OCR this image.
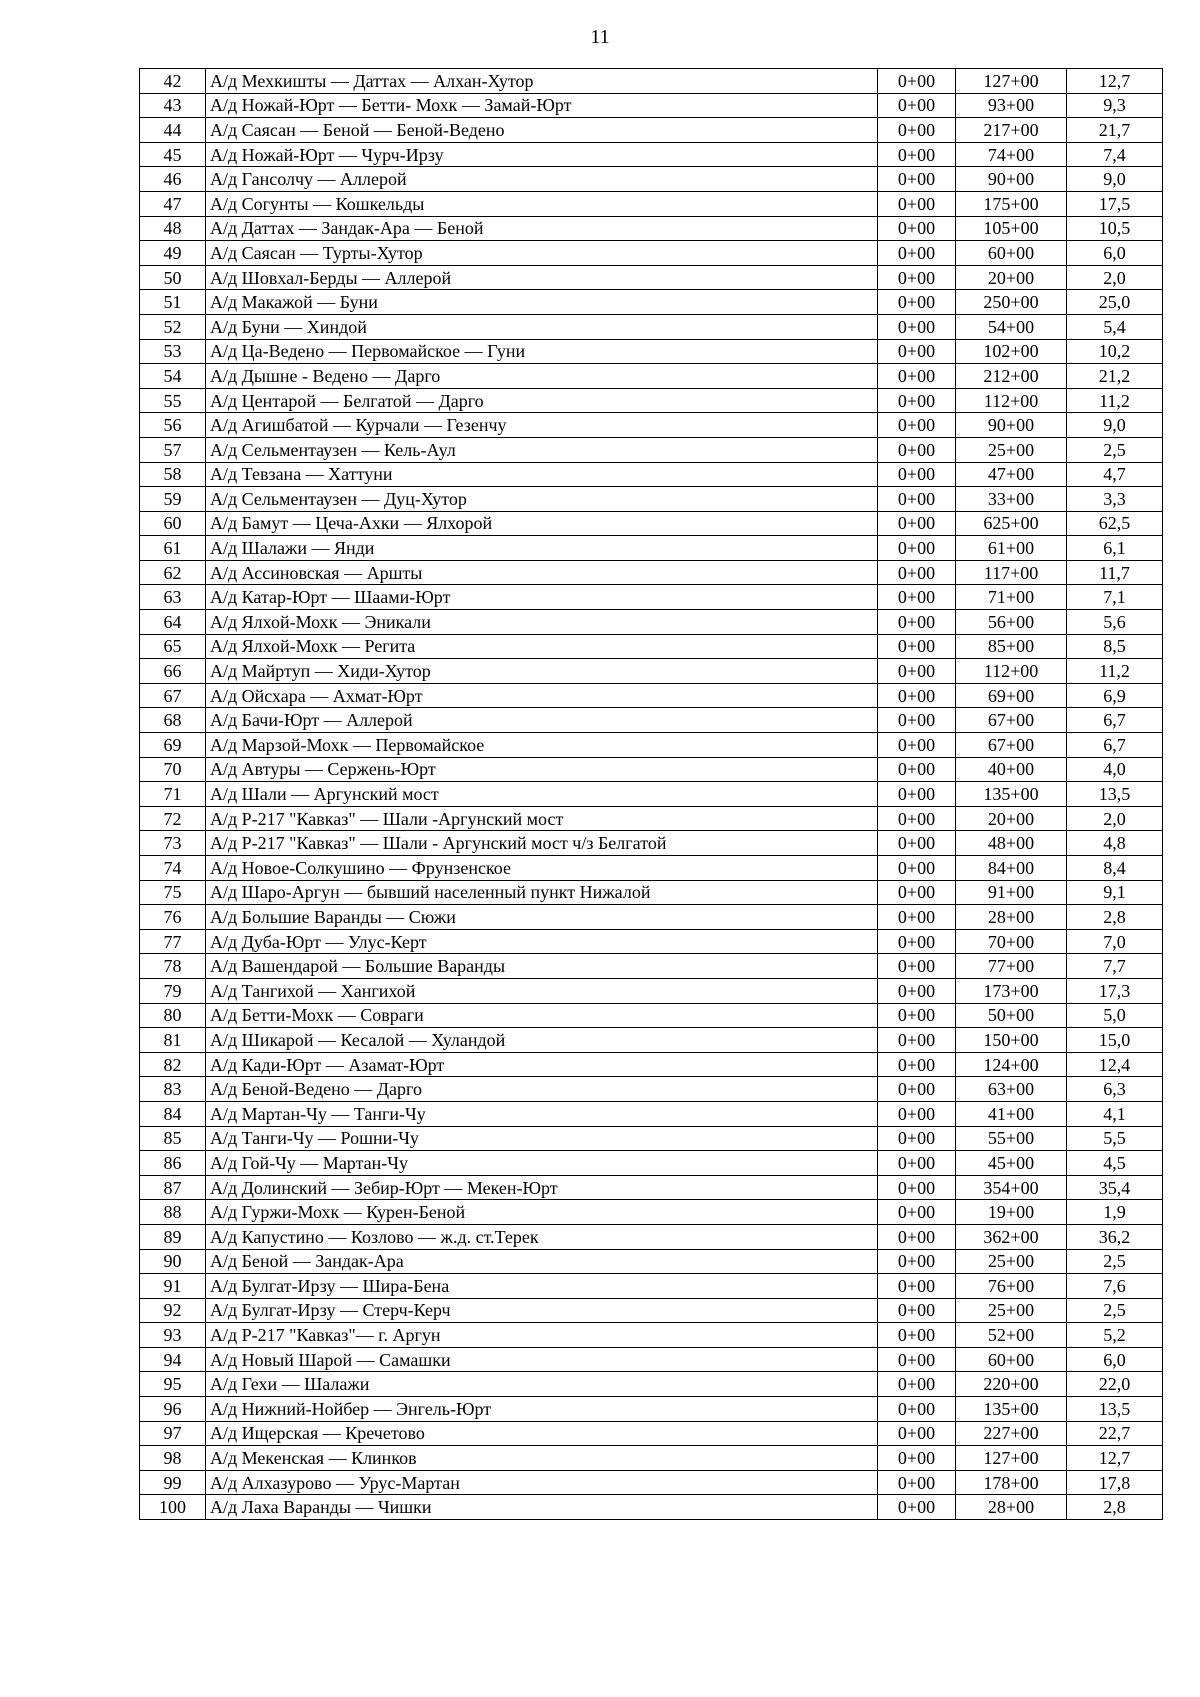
11
42	А/д Мехкишты — Даттах — Алхан-Хутор	0+00	127+00	12,7
43	А/д Ножай-Юрт — Бетти- Мохк — Замай-Юрт	0+00	93+00	9,3
44	А/д Саясан — Беной — Беной-Ведено	0+00	217+00	21,7
45	А/д Ножай-Юрт — Чурч-Ирзу	0+00	74+00	7,4
46	А/д Гансолчу — Аллерой	0+00	90+00	9,0
47	А/д Согунты — Кошкельды	0+00	175+00	17,5
48	А/д Даттах — Зандак-Ара — Беной	0+00	105+00	10,5
49	А/д Саясан — Турты-Хутор	0+00	60+00	6,0
50	А/д Шовхал-Берды — Аллерой	0+00	20+00	2,0
51	А/д Макажой — Буни	0+00	250+00	25,0
52	А/д Буни — Хиндой	0+00	54+00	5,4
53	А/д Ца-Ведено — Первомайское — Гуни	0+00	102+00	10,2
54	А/д Дышне - Ведено — Дарго	0+00	212+00	21,2
55	А/д Центарой — Белгатой — Дарго	0+00	112+00	11,2
56	А/д Агишбатой — Курчали — Гезенчу	0+00	90+00	9,0
57	А/д Сельментаузен — Кель-Аул	0+00	25+00	2,5
58	А/д Тевзана — Хаттуни	0+00	47+00	4,7
59	А/д Сельментаузен — Дуц-Хутор	0+00	33+00	3,3
60	А/д Бамут — Цеча-Ахки — Ялхорой	0+00	625+00	62,5
61	А/д Шалажи — Янди	0+00	61+00	6,1
62	А/д Ассиновская — Аршты	0+00	117+00	11,7
63	А/д Катар-Юрт — Шаами-Юрт	0+00	71+00	7,1
64	А/д Ялхой-Мохк — Эникали	0+00	56+00	5,6
65	А/д Ялхой-Мохк — Регита	0+00	85+00	8,5
66	А/д Майртуп — Хиди-Хутор	0+00	112+00	11,2
67	А/д Ойсхара — Ахмат-Юрт	0+00	69+00	6,9
68	А/д Бачи-Юрт — Аллерой	0+00	67+00	6,7
69	А/д Марзой-Мохк — Первомайское	0+00	67+00	6,7
70	А/д Автуры — Сержень-Юрт	0+00	40+00	4,0
71	А/д Шали — Аргунский мост	0+00	135+00	13,5
72	А/д Р-217 "Кавказ" — Шали -Аргунский мост	0+00	20+00	2,0
73	А/д Р-217 "Кавказ" — Шали - Аргунский мост ч/з Белгатой	0+00	48+00	4,8
74	А/д Новое-Солкушино — Фрунзенское	0+00	84+00	8,4
75	А/д Шаро-Аргун — бывший населенный пункт Нижалой	0+00	91+00	9,1
76	А/д Большие Варанды — Сюжи	0+00	28+00	2,8
77	А/д Дуба-Юрт — Улус-Керт	0+00	70+00	7,0
78	А/д Вашендарой — Большие Варанды	0+00	77+00	7,7
79	А/д Тангихой — Хангихой	0+00	173+00	17,3
80	А/д Бетти-Мохк — Совраги	0+00	50+00	5,0
81	А/д Шикарой — Кесалой — Хуландой	0+00	150+00	15,0
82	А/д Кади-Юрт — Азамат-Юрт	0+00	124+00	12,4
83	А/д Беной-Ведено — Дарго	0+00	63+00	6,3
84	А/д Мартан-Чу — Танги-Чу	0+00	41+00	4,1
85	А/д Танги-Чу — Рошни-Чу	0+00	55+00	5,5
86	А/д Гой-Чу — Мартан-Чу	0+00	45+00	4,5
87	А/д Долинский — Зебир-Юрт — Мекен-Юрт	0+00	354+00	35,4
88	А/д Гуржи-Мохк — Курен-Беной	0+00	19+00	1,9
89	А/д Капустино — Козлово — ж.д. ст.Терек	0+00	362+00	36,2
90	А/д Беной — Зандак-Ара	0+00	25+00	2,5
91	А/д Булгат-Ирзу — Шира-Бена	0+00	76+00	7,6
92	А/д Булгат-Ирзу — Стерч-Керч	0+00	25+00	2,5
93	А/д Р-217 "Кавказ"— г. Аргун	0+00	52+00	5,2
94	А/д Новый Шарой — Самашки	0+00	60+00	6,0
95	А/д Гехи — Шалажи	0+00	220+00	22,0
96	А/д Нижний-Нойбер — Энгель-Юрт	0+00	135+00	13,5
97	А/д Ищерская — Кречетово	0+00	227+00	22,7
98	А/д Мекенская — Клинков	0+00	127+00	12,7
99	А/д Алхазурово — Урус-Мартан	0+00	178+00	17,8
100	А/д Лаха Варанды — Чишки	0+00	28+00	2,8
